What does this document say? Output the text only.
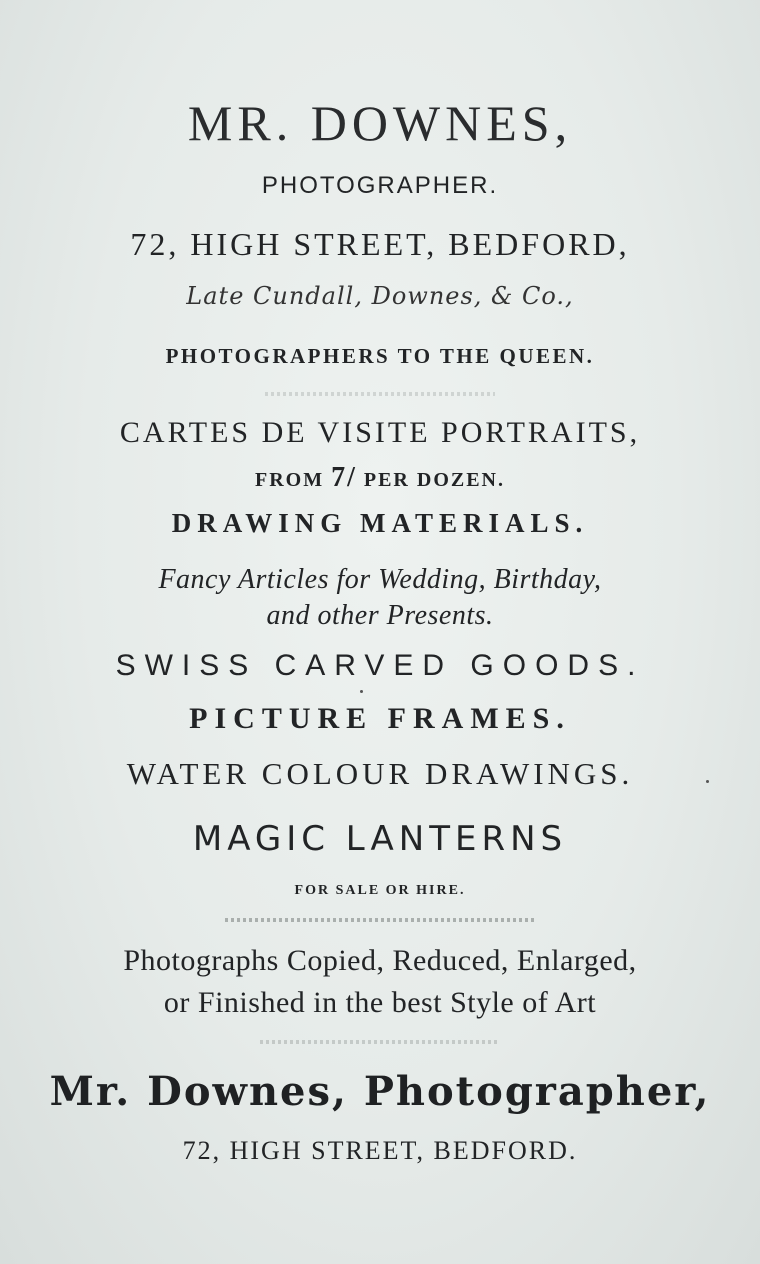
MR. DOWNES,
PHOTOGRAPHER.
72, HIGH STREET, BEDFORD,
Late Cundall, Downes, & Co.,
PHOTOGRAPHERS TO THE QUEEN.
CARTES DE VISITE PORTRAITS,
FROM 7/ PER DOZEN.
DRAWING MATERIALS.
Fancy Articles for Wedding, Birthday,
and other Presents.
SWISS CARVED GOODS.
PICTURE FRAMES.
WATER COLOUR DRAWINGS.
MAGIC LANTERNS
FOR SALE OR HIRE.
Photographs Copied, Reduced, Enlarged,
or Finished in the best Style of Art
Mr. Downes, Photographer,
72, HIGH STREET, BEDFORD.
